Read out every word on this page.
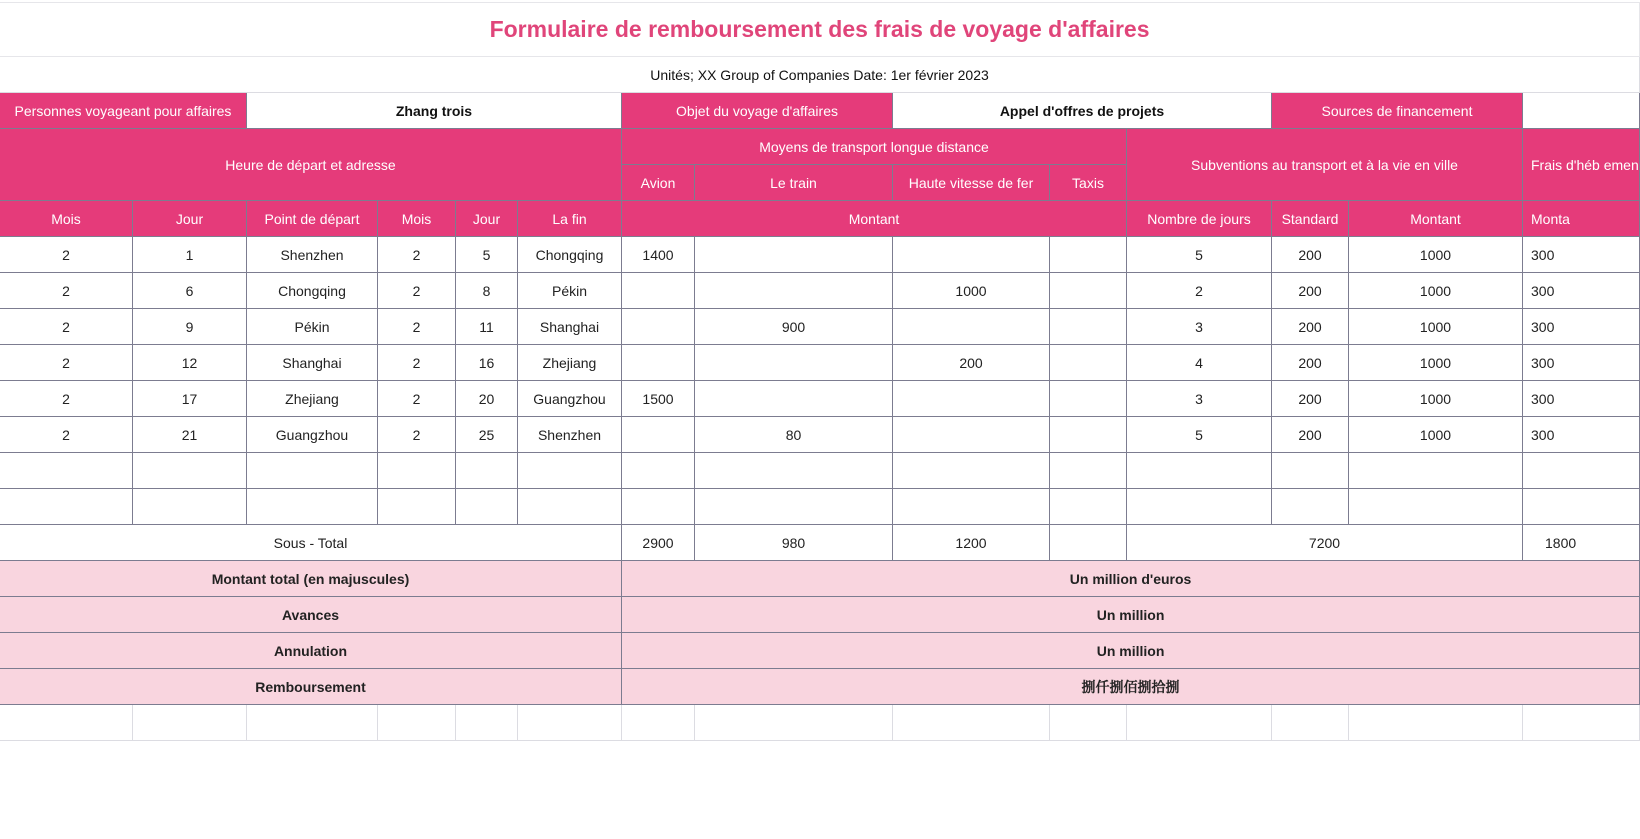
Formulaire de remboursement des frais de voyage d'affaires													
Unités; XX Group of Companies Date: 1er février 2023													
Personnes voyageant pour affaires		Zhang trois				Objet du voyage d'affaires		Appel d'offres de projets			Sources de financement		
Heure de départ et adresse						Moyens de transport longue distance				Subventions au transport et à la vie en ville			Frais d'héb emen
						Avion	Le train	Haute vitesse de fer	Taxis				
Mois	Jour	Point de départ	Mois	Jour	La fin	Montant				Nombre de jours	Standard	Montant	Monta
2	1	Shenzhen	2	5	Chongqing	1400				5	200	1000	300
2	6	Chongqing	2	8	Pékin			1000		2	200	1000	300
2	9	Pékin	2	11	Shanghai		900			3	200	1000	300
2	12	Shanghai	2	16	Zhejiang			200		4	200	1000	300
2	17	Zhejiang	2	20	Guangzhou	1500				3	200	1000	300
2	21	Guangzhou	2	25	Shenzhen		80			5	200	1000	300

Sous - Total						2900	980	1200		7200			1800
Montant total (en majuscules)						Un million d'euros							
Avances						Un million							
Annulation						Un million							
Remboursement						捌仟捌佰捌拾捌							
